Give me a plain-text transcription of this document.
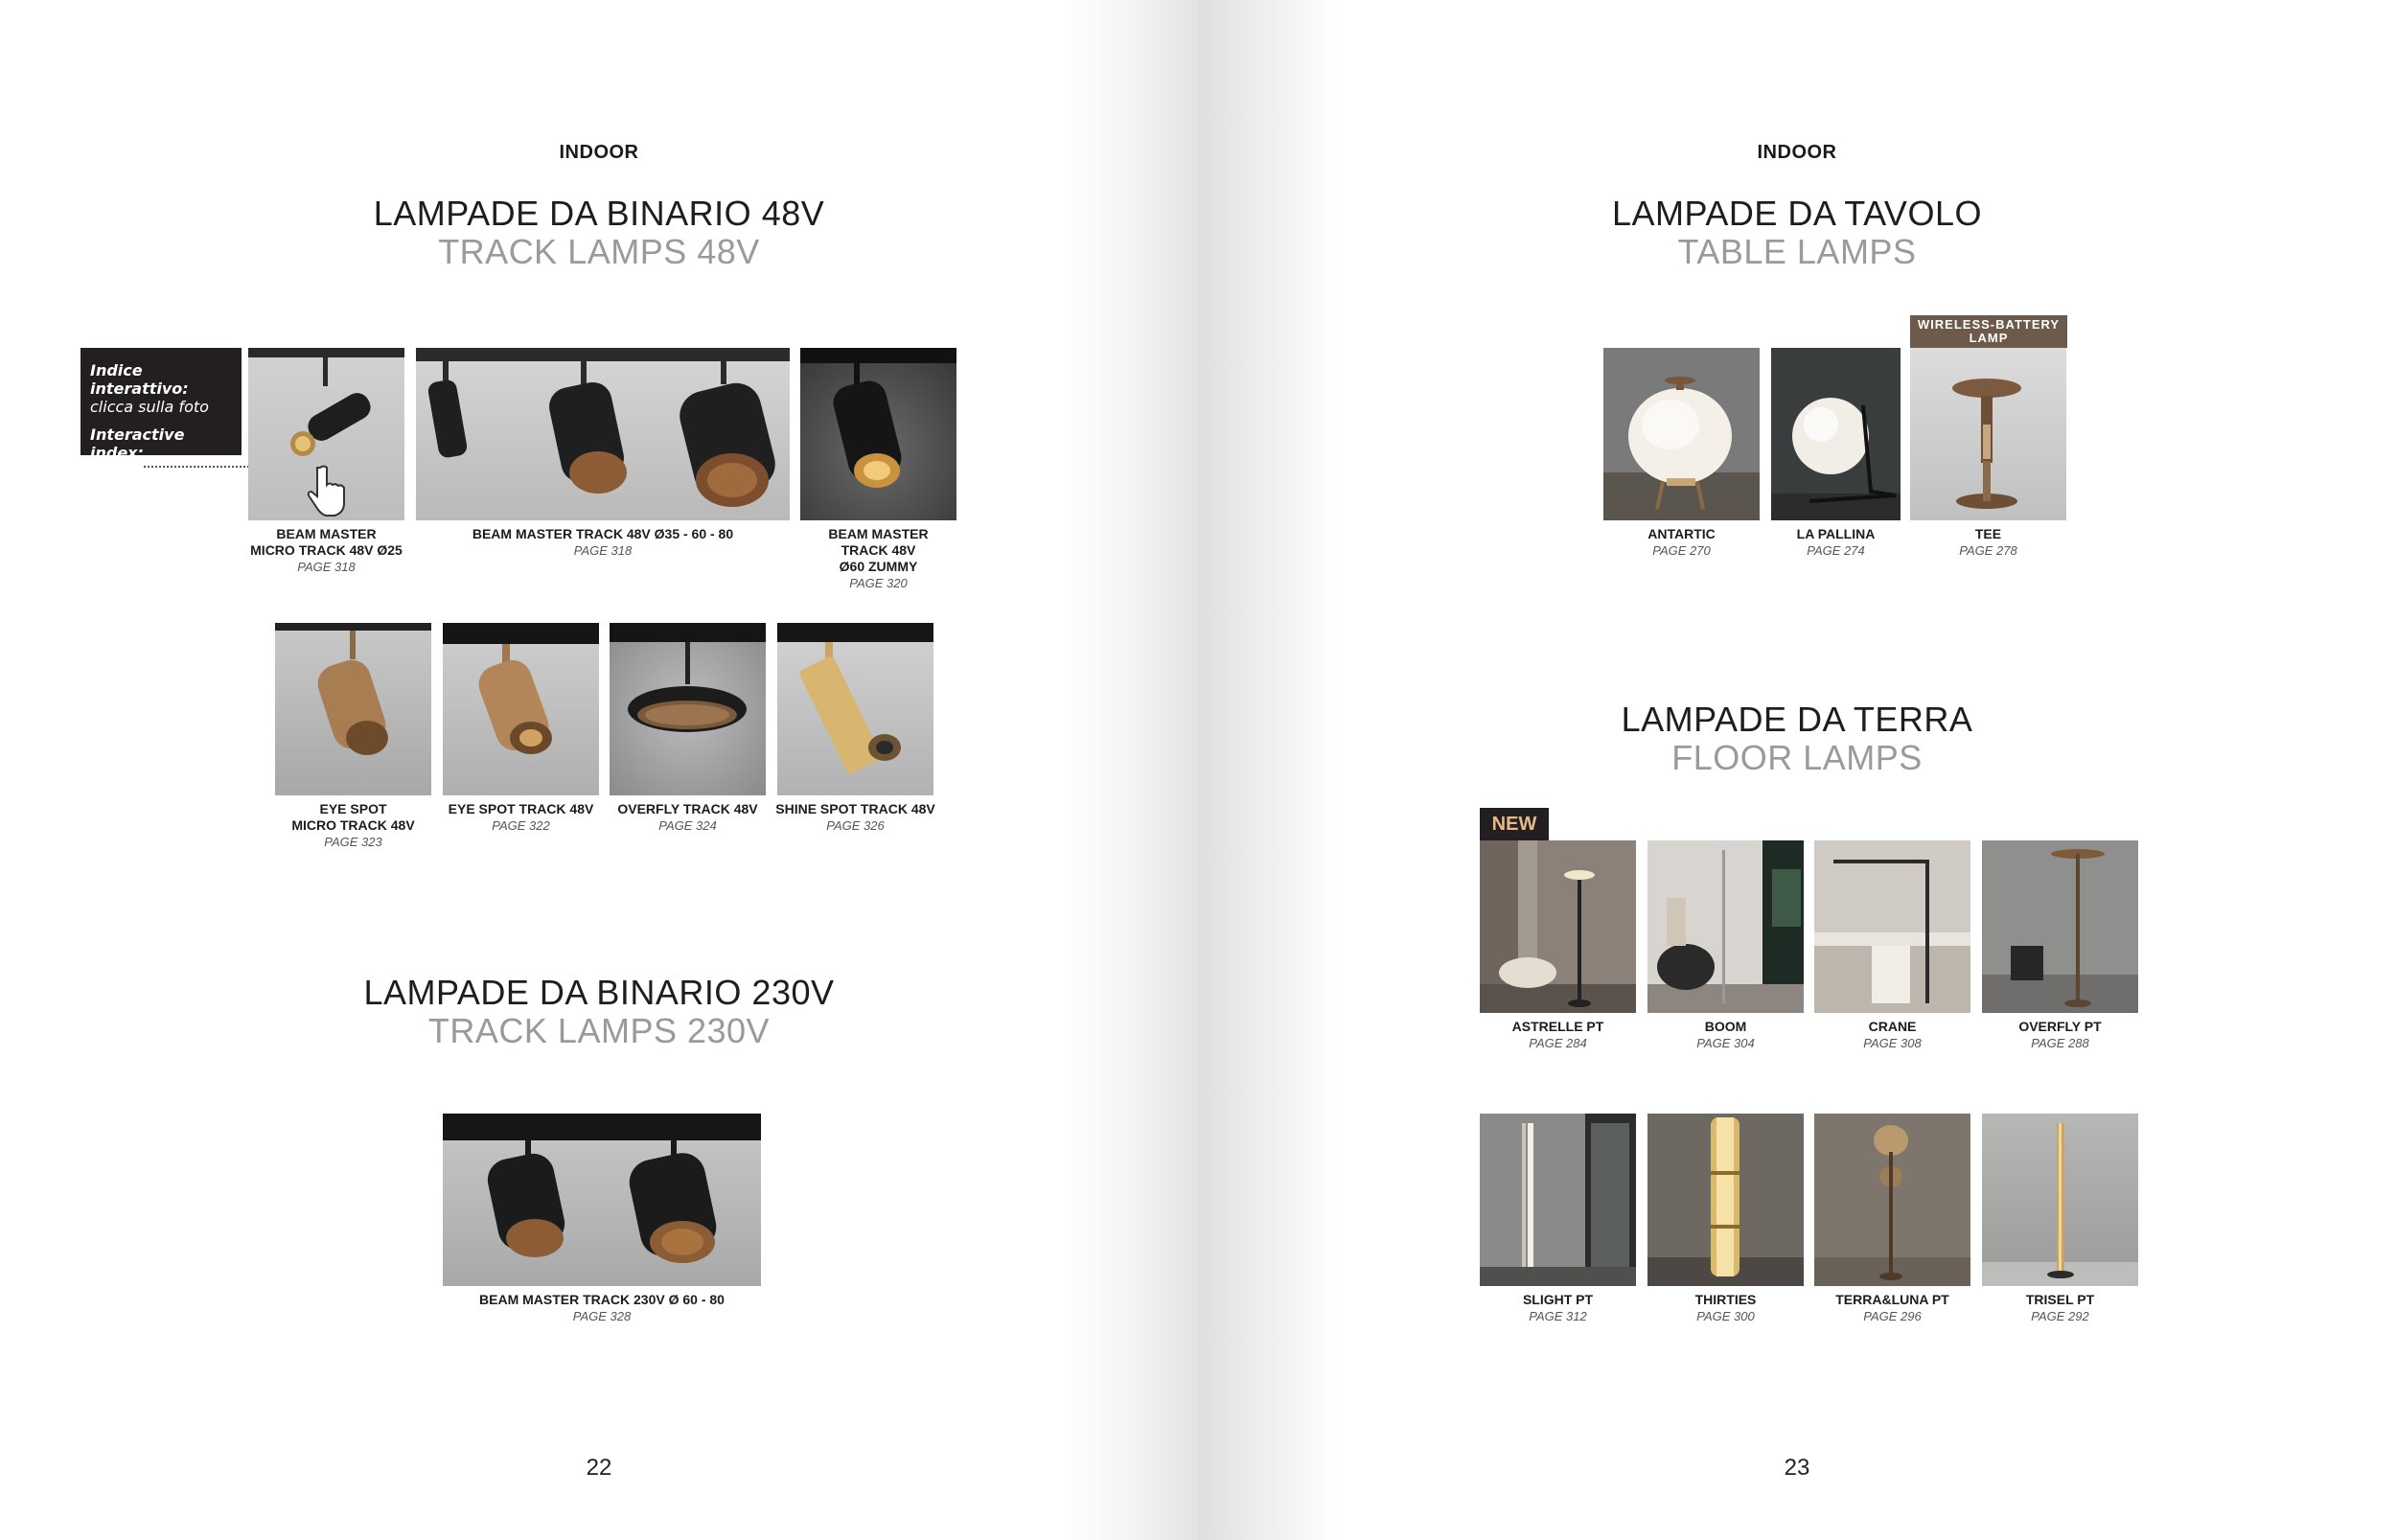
INDOOR
LAMPADE DA BINARIO 48V
TRACK LAMPS 48V
Indice interattivo:
clicca sulla foto
Interactive index:
click on the photo
BEAM MASTER
MICRO TRACK 48V Ø25
PAGE 318
BEAM MASTER TRACK 48V Ø35 - 60 - 80
PAGE 318
BEAM MASTER
TRACK 48V
Ø60 ZUMMY
PAGE 320
EYE SPOT
MICRO TRACK 48V
PAGE 323
EYE SPOT TRACK 48V
PAGE 322
OVERFLY TRACK 48V
PAGE 324
SHINE SPOT TRACK 48V
PAGE 326
LAMPADE DA BINARIO 230V
TRACK LAMPS 230V
BEAM MASTER TRACK 230V Ø 60 - 80
PAGE 328
22
INDOOR
LAMPADE DA TAVOLO
TABLE LAMPS
LAMPADE DA TERRA
FLOOR LAMPS
23
WIRELESS-BATTERY
LAMP
ANTARTIC
PAGE 270
LA PALLINA
PAGE 274
TEE
PAGE 278
NEW
ASTRELLE PT
PAGE 284
BOOM
PAGE 304
CRANE
PAGE 308
OVERFLY PT
PAGE 288
SLIGHT PT
PAGE 312
THIRTIES
PAGE 300
TERRA&LUNA PT
PAGE 296
TRISEL PT
PAGE 292
